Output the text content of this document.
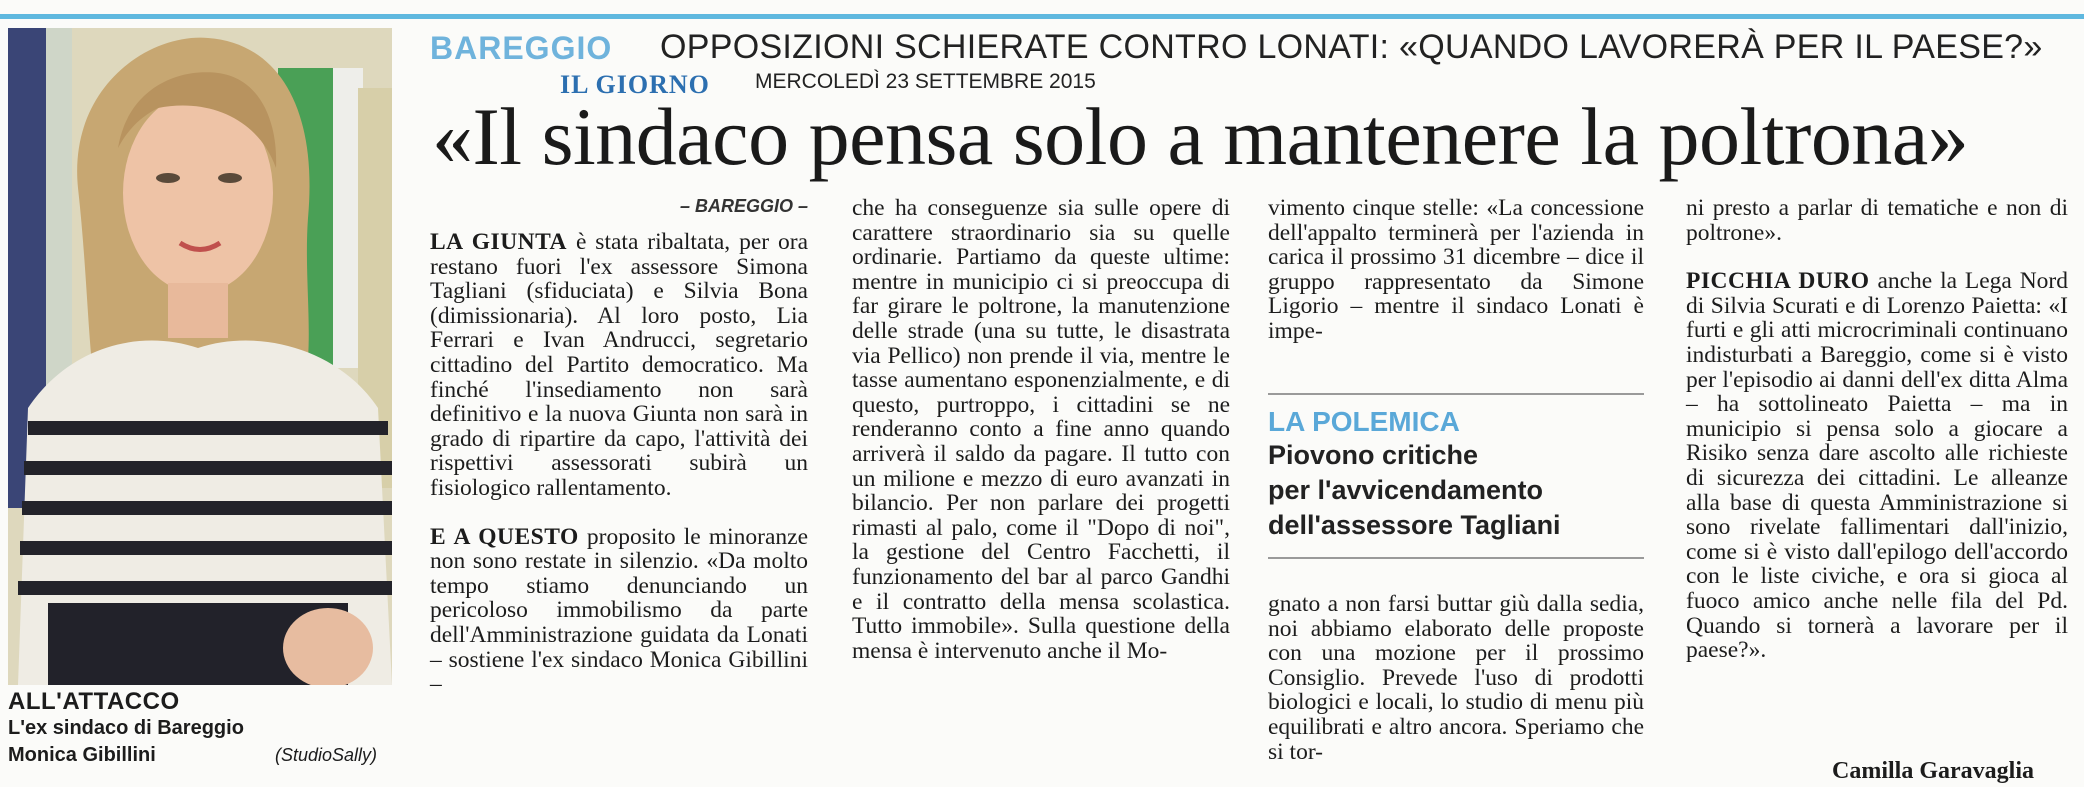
ALL'ATTACCO
L'ex sindaco di Bareggio
Monica Gibillini	(StudioSally)
BAREGGIO OPPOSIZIONI SCHIERATE CONTRO LONATI: «QUANDO LAVORERÀ PER IL PAESE?»
IL GIORNO MERCOLEDÌ 23 SETTEMBRE 2015
«Il sindaco pensa solo a mantenere la poltrona»
– BAREGGIO –

LA GIUNTA è stata ribaltata, per ora restano fuori l'ex assessore Simona Tagliani (sfiduciata) e Silvia Bona (dimissionaria). Al loro posto, Lia Ferrari e Ivan Andrucci, segretario cittadino del Partito democratico. Ma finché l'insediamento non sarà definitivo e la nuova Giunta non sarà in grado di ripartire da capo, l'attività dei rispettivi assessorati subirà un fisiologico rallentamento.

E A QUESTO proposito le minoranze non sono restate in silenzio. «Da molto tempo stiamo denunciando un pericoloso immobilismo da parte dell'Amministrazione guidata da Lonati – sostiene l'ex sindaco Monica Gibillini –

che ha conseguenze sia sulle opere di carattere straordinario sia su quelle ordinarie. Partiamo da queste ultime: mentre in municipio ci si preoccupa di far girare le poltrone, la manutenzione delle strade (una su tutte, le disastrata via Pellico) non prende il via, mentre le tasse aumentano esponenzialmente, e di questo, purtroppo, i cittadini se ne renderanno conto a fine anno quando arriverà il saldo da pagare. Il tutto con un milione e mezzo di euro avanzati in bilancio. Per non parlare dei progetti rimasti al palo, come il "Dopo di noi", la gestione del Centro Facchetti, il funzionamento del bar al parco Gandhi e il contratto della mensa scolastica. Tutto immobile». Sulla questione della mensa è intervenuto anche il Mo-

vimento cinque stelle: «La concessione dell'appalto terminerà per l'azienda in carica il prossimo 31 dicembre – dice il gruppo rappresentato da Simone Ligorio – mentre il sindaco Lonati è impe-

LA POLEMICA
Piovono critiche
per l'avvicendamento
dell'assessore Tagliani

gnato a non farsi buttar giù dalla sedia, noi abbiamo elaborato delle proposte con una mozione per il prossimo Consiglio. Prevede l'uso di prodotti biologici e locali, lo studio di menu più equilibrati e altro ancora. Speriamo che si tor-

ni presto a parlar di tematiche e non di poltrone».

PICCHIA DURO anche la Lega Nord di Silvia Scurati e di Lorenzo Paietta: «I furti e gli atti microcriminali continuano indisturbati a Bareggio, come si è visto per l'episodio ai danni dell'ex ditta Alma – ha sottolineato Paietta – ma in municipio si pensa solo a giocare a Risiko senza dare ascolto alle richieste di sicurezza dei cittadini. Le alleanze alla base di questa Amministrazione si sono rivelate fallimentari dall'inizio, come si è visto dall'epilogo dell'accordo con le liste civiche, e ora si gioca al fuoco amico anche nelle fila del Pd. Quando si tornerà a lavorare per il paese?».

Camilla Garavaglia
